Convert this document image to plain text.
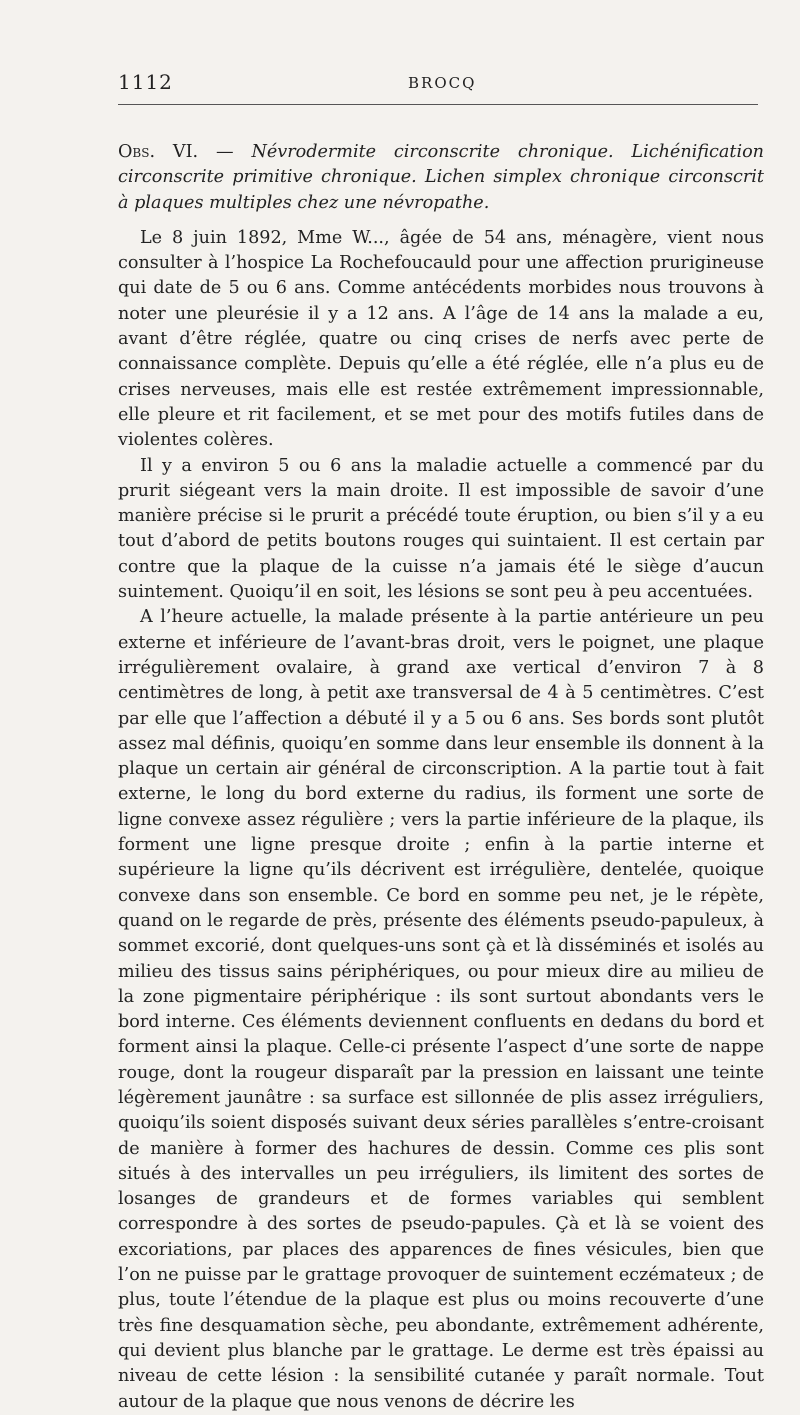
1112	BROCQ

Obs. VI. — Névrodermite circonscrite chronique. Lichénification circonscrite primitive chronique. Lichen simplex chronique circonscrit à plaques multiples chez une névropathe.

Le 8 juin 1892, Mme W..., âgée de 54 ans, ménagère, vient nous consulter à l’hospice La Rochefoucauld pour une affection prurigineuse qui date de 5 ou 6 ans. Comme antécédents morbides nous trouvons à noter une pleurésie il y a 12 ans. A l’âge de 14 ans la malade a eu, avant d’être réglée, quatre ou cinq crises de nerfs avec perte de connaissance complète. Depuis qu’elle a été réglée, elle n’a plus eu de crises nerveuses, mais elle est restée extrêmement impressionnable, elle pleure et rit facilement, et se met pour des motifs futiles dans de violentes colères.

Il y a environ 5 ou 6 ans la maladie actuelle a commencé par du prurit siégeant vers la main droite. Il est impossible de savoir d’une manière précise si le prurit a précédé toute éruption, ou bien s’il y a eu tout d’abord de petits boutons rouges qui suintaient. Il est certain par contre que la plaque de la cuisse n’a jamais été le siège d’aucun suintement. Quoiqu’il en soit, les lésions se sont peu à peu accentuées.

A l’heure actuelle, la malade présente à la partie antérieure un peu externe et inférieure de l’avant-bras droit, vers le poignet, une plaque irrégulièrement ovalaire, à grand axe vertical d’environ 7 à 8 centimètres de long, à petit axe transversal de 4 à 5 centimètres. C’est par elle que l’affection a débuté il y a 5 ou 6 ans. Ses bords sont plutôt assez mal définis, quoiqu’en somme dans leur ensemble ils donnent à la plaque un certain air général de circonscription. A la partie tout à fait externe, le long du bord externe du radius, ils forment une sorte de ligne convexe assez régulière ; vers la partie inférieure de la plaque, ils forment une ligne presque droite ; enfin à la partie interne et supérieure la ligne qu’ils décrivent est irrégulière, dentelée, quoique convexe dans son ensemble. Ce bord en somme peu net, je le répète, quand on le regarde de près, présente des éléments pseudo-papuleux, à sommet excorié, dont quelques-uns sont çà et là disséminés et isolés au milieu des tissus sains périphériques, ou pour mieux dire au milieu de la zone pigmentaire périphérique : ils sont surtout abondants vers le bord interne. Ces éléments deviennent confluents en dedans du bord et forment ainsi la plaque. Celle-ci présente l’aspect d’une sorte de nappe rouge, dont la rougeur disparaît par la pression en laissant une teinte légèrement jaunâtre : sa surface est sillonnée de plis assez irréguliers, quoiqu’ils soient disposés suivant deux séries parallèles s’entre-croisant de manière à former des hachures de dessin. Comme ces plis sont situés à des intervalles un peu irréguliers, ils limitent des sortes de losanges de grandeurs et de formes variables qui semblent correspondre à des sortes de pseudo-papules. Çà et là se voient des excoriations, par places des apparences de fines vésicules, bien que l’on ne puisse par le grattage provoquer de suintement eczémateux ; de plus, toute l’étendue de la plaque est plus ou moins recouverte d’une très fine desquamation sèche, peu abondante, extrêmement adhérente, qui devient plus blanche par le grattage. Le derme est très épaissi au niveau de cette lésion : la sensibilité cutanée y paraît normale. Tout autour de la plaque que nous venons de décrire les
